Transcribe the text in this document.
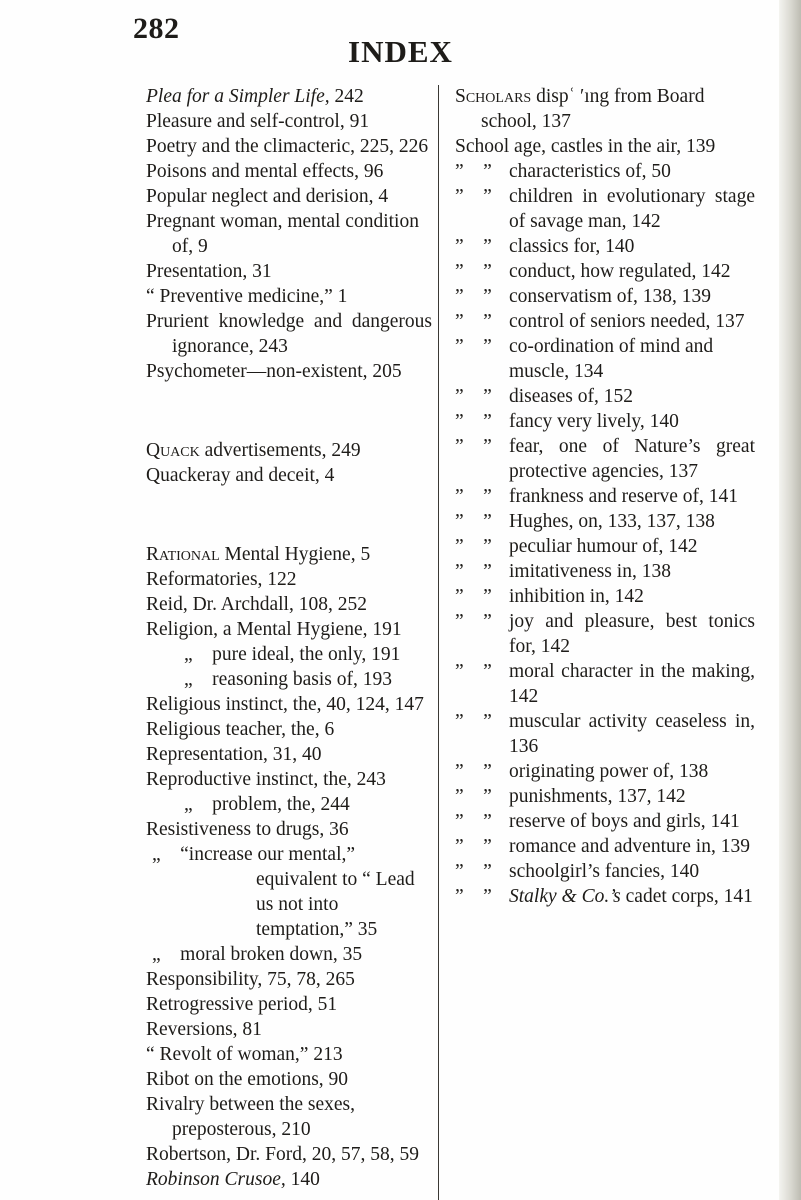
282
INDEX

Plea for a Simpler Life, 242

Pleasure and self-control, 91

Poetry and the climacteric, 225, 226

Poisons and mental effects, 96

Popular neglect and derision, 4

Pregnant woman, mental condition of, 9

Presentation, 31

“ Preventive medicine,” 1

Prurient knowledge and dangerous ignorance, 243

Psychometer—non-existent, 205

Quack advertisements, 249

Quackeray and deceit, 4

Rational Mental Hygiene, 5

Reformatories, 122

Reid, Dr. Archdall, 108, 252

Religion, a Mental Hygiene, 191

„ pure ideal, the only, 191

„ reasoning basis of, 193

Religious instinct, the, 40, 124, 147

Religious teacher, the, 6

Representation, 31, 40

Reproductive instinct, the, 243

„ problem, the, 244

Resistiveness to drugs, 36

„ “increase our mental,” equivalent to “ Lead us not into temptation,” 35

„ moral broken down, 35

Responsibility, 75, 78, 265

Retrogressive period, 51

Reversions, 81

“ Revolt of woman,” 213

Ribot on the emotions, 90

Rivalry between the sexes, preposterous, 210

Robertson, Dr. Ford, 20, 57, 58, 59

Robinson Crusoe, 140

Scholars dispʿ ′ıng from Board school, 137

School age, castles in the air, 139

” ” characteristics of, 50
” ” children in evolutionary stage of savage man, 142
” ” classics for, 140
” ” conduct, how regulated, 142
” ” conservatism of, 138, 139
” ” control of seniors needed, 137
” ” co-ordination of mind and muscle, 134
” ” diseases of, 152
” ” fancy very lively, 140
” ” fear, one of Nature’s great protective agencies, 137
” ” frankness and reserve of, 141
” ” Hughes, on, 133, 137, 138
” ” peculiar humour of, 142
” ” imitativeness in, 138
” ” inhibition in, 142
” ” joy and pleasure, best tonics for, 142
” ” moral character in the making, 142
” ” muscular activity ceaseless in, 136
” ” originating power of, 138
” ” punishments, 137, 142
” ” reserve of boys and girls, 141
” ” romance and adventure in, 139
” ” schoolgirl’s fancies, 140
” ” Stalky & Co.’s cadet corps, 141
